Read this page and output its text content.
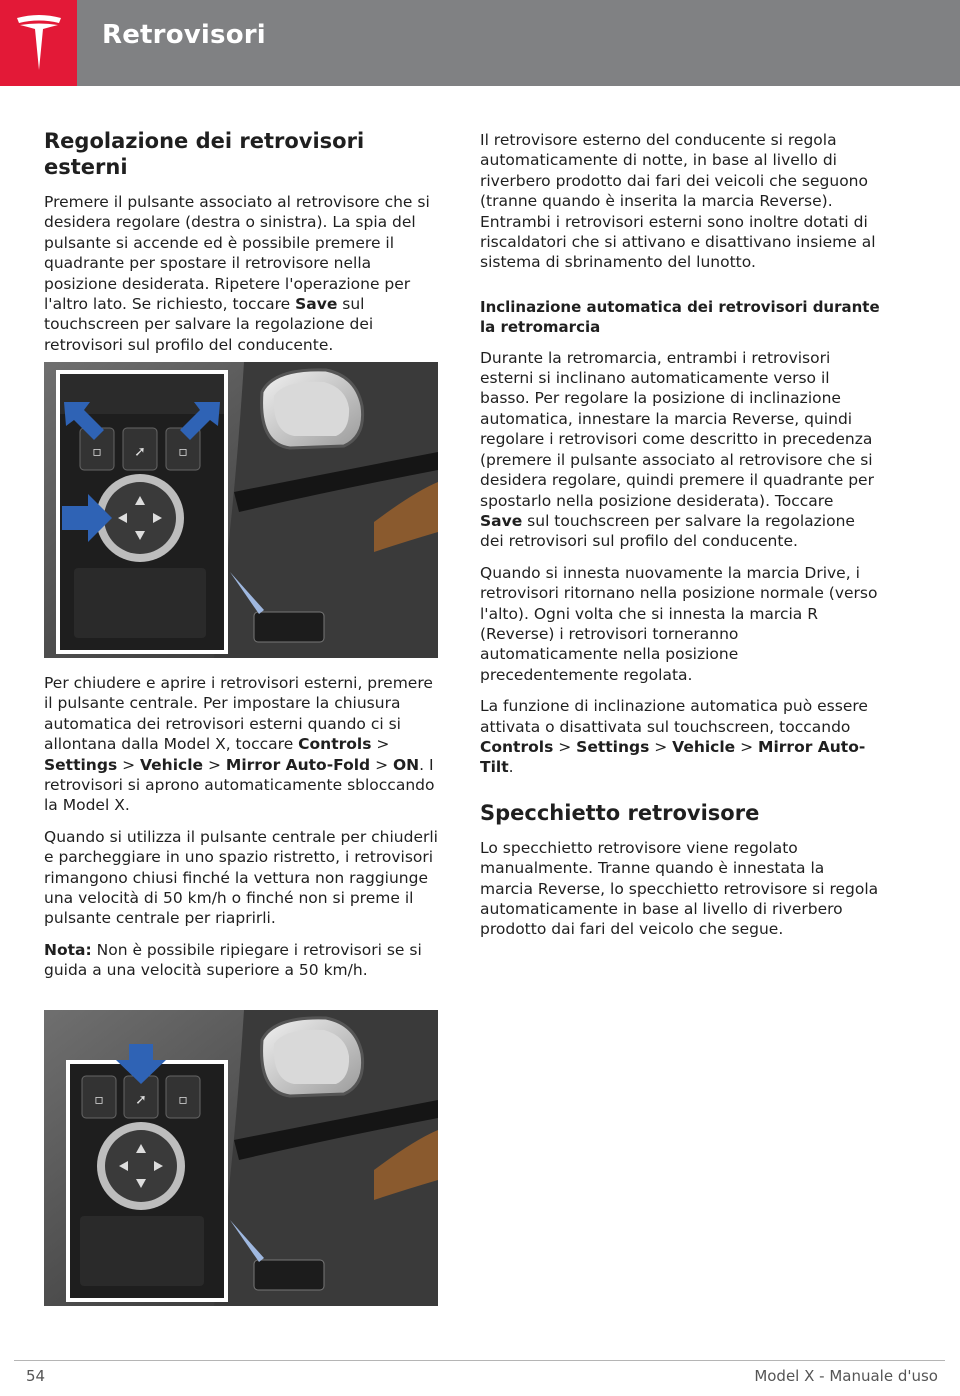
Retrovisori
Regolazione dei retrovisori esterni

Premere il pulsante associato al retrovisore che si desidera regolare (destra o sinistra). La spia del pulsante si accende ed è possibile premere il quadrante per spostare il retrovisore nella posizione desiderata. Ripetere l'operazione per l'altro lato. Se richiesto, toccare Save sul touchscreen per salvare la regolazione dei retrovisori sul profilo del conducente.

▫ ➚ ▫

Per chiudere e aprire i retrovisori esterni, premere il pulsante centrale. Per impostare la chiusura automatica dei retrovisori esterni quando ci si allontana dalla Model X, toccare Controls > Settings > Vehicle > Mirror Auto-Fold > ON. I retrovisori si aprono automaticamente sbloccando la Model X.

Quando si utilizza il pulsante centrale per chiuderli e parcheggiare in uno spazio ristretto, i retrovisori rimangono chiusi finché la vettura non raggiunge una velocità di 50 km/h o finché non si preme il pulsante centrale per riaprirli.

Nota: Non è possibile ripiegare i retrovisori se si guida a una velocità superiore a 50 km/h.

▫ ➚ ▫

Il retrovisore esterno del conducente si regola automaticamente di notte, in base al livello di riverbero prodotto dai fari dei veicoli che seguono (tranne quando è inserita la marcia Reverse). Entrambi i retrovisori esterni sono inoltre dotati di riscaldatori che si attivano e disattivano insieme al sistema di sbrinamento del lunotto.

Inclinazione automatica dei retrovisori durante la retromarcia

Durante la retromarcia, entrambi i retrovisori esterni si inclinano automaticamente verso il basso. Per regolare la posizione di inclinazione automatica, innestare la marcia Reverse, quindi regolare i retrovisori come descritto in precedenza (premere il pulsante associato al retrovisore che si desidera regolare, quindi premere il quadrante per spostarlo nella posizione desiderata). Toccare Save sul touchscreen per salvare la regolazione dei retrovisori sul profilo del conducente.

Quando si innesta nuovamente la marcia Drive, i retrovisori ritornano nella posizione normale (verso l'alto). Ogni volta che si innesta la marcia R (Reverse) i retrovisori torneranno automaticamente nella posizione precedentemente regolata.

La funzione di inclinazione automatica può essere attivata o disattivata sul touchscreen, toccando Controls > Settings > Vehicle > Mirror Auto-Tilt.

Specchietto retrovisore

Lo specchietto retrovisore viene regolato manualmente. Tranne quando è innestata la marcia Reverse, lo specchietto retrovisore si regola automaticamente in base al livello di riverbero prodotto dai fari del veicolo che segue.

54	Model X - Manuale d'uso
